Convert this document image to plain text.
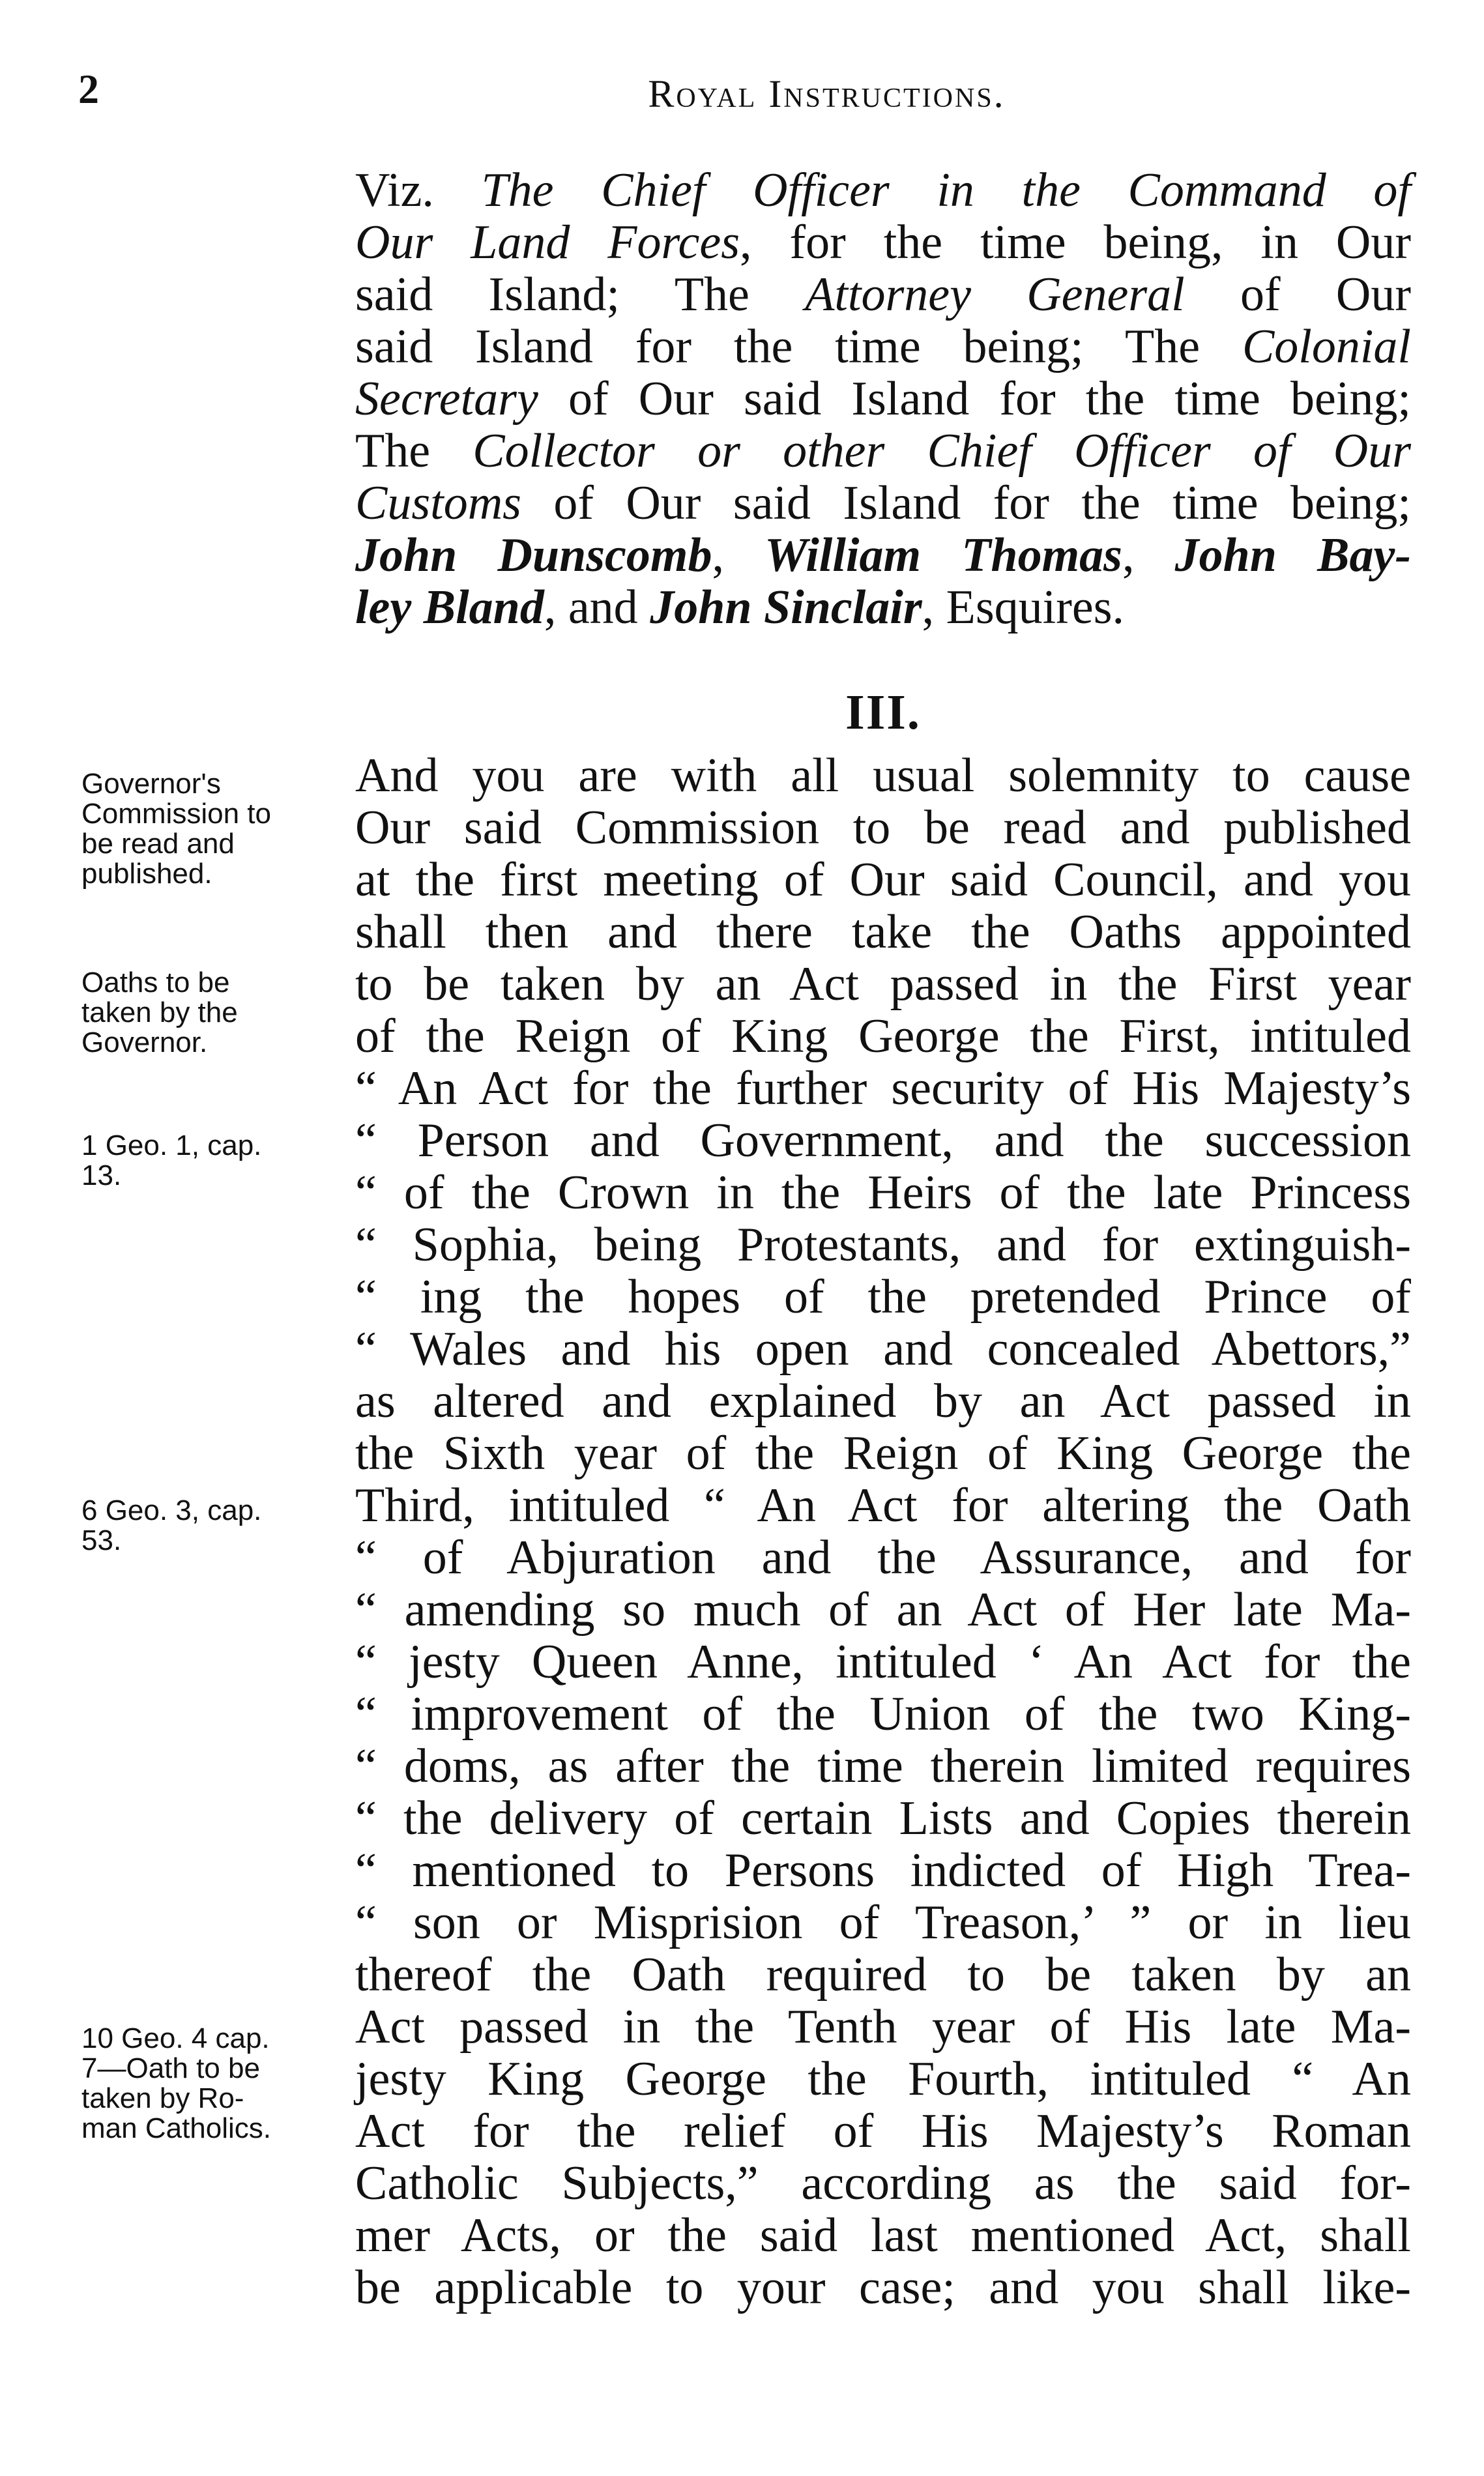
2	Royal Instructions.
Viz. The Chief Officer in the Command of
Our Land Forces, for the time being, in Our
said Island; The Attorney General of Our
said Island for the time being; The Colonial
Secretary of Our said Island for the time being;
The Collector or other Chief Officer of Our
Customs of Our said Island for the time being;
John Dunscomb, William Thomas, John Bay-
ley Bland, and John Sinclair, Esquires.
III.
And you are with all usual solemnity to cause
Our said Commission to be read and published
at the first meeting of Our said Council, and you
shall then and there take the Oaths appointed
to be taken by an Act passed in the First year
of the Reign of King George the First, intituled
“ An Act for the further security of His Majesty’s
“ Person and Government, and the succession
“ of the Crown in the Heirs of the late Princess
“ Sophia, being Protestants, and for extinguish-
“ ing the hopes of the pretended Prince of
“ Wales and his open and concealed Abettors,”
as altered and explained by an Act passed in
the Sixth year of the Reign of King George the
Third, intituled “ An Act for altering the Oath
“ of Abjuration and the Assurance, and for
“ amending so much of an Act of Her late Ma-
“ jesty Queen Anne, intituled ‘ An Act for the
“ improvement of the Union of the two King-
“ doms, as after the time therein limited requires
“ the delivery of certain Lists and Copies therein
“ mentioned to Persons indicted of High Trea-
“ son or Misprision of Treason,’ ” or in lieu
thereof the Oath required to be taken by an
Act passed in the Tenth year of His late Ma-
jesty King George the Fourth, intituled “ An
Act for the relief of His Majesty’s Roman
Catholic Subjects,” according as the said for-
mer Acts, or the said last mentioned Act, shall
be applicable to your case; and you shall like-
Governor's
Commission to
be read and
published.
Oaths to be
taken by the
Governor.
1 Geo. 1, cap.
13.
6 Geo. 3, cap.
53.
10 Geo. 4 cap.
7—Oath to be
taken by Ro-
man Catholics.
